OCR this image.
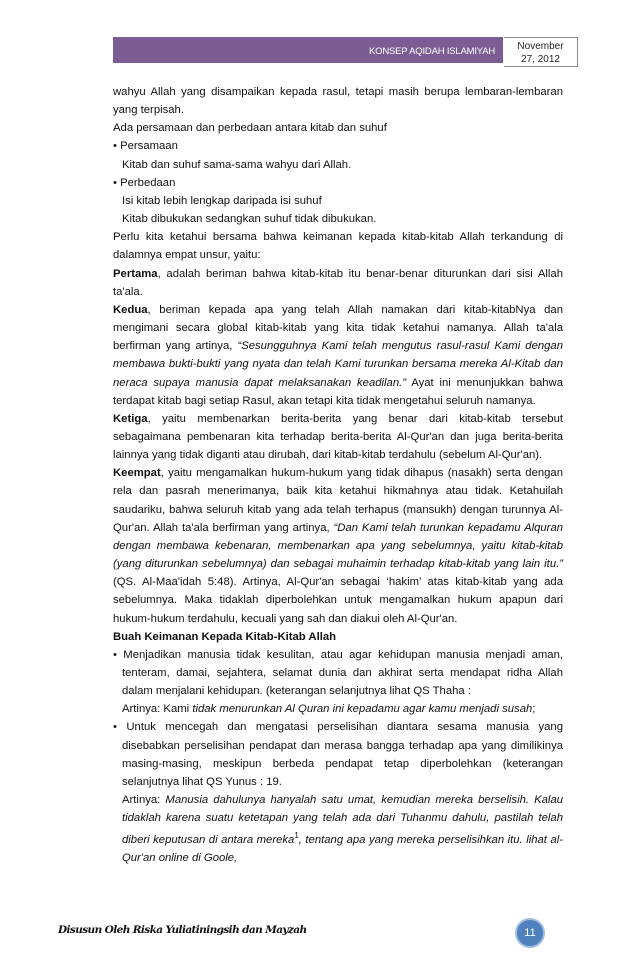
KONSEP AQIDAH ISLAMIYAH	November
27, 2012

wahyu Allah yang disampaikan kepada rasul, tetapi masih berupa lembaran-lembaran yang terpisah.

Ada persamaan dan perbedaan antara kitab dan suhuf

• Persamaan

Kitab dan suhuf sama-sama wahyu dari Allah.

• Perbedaan

Isi kitab lebih lengkap daripada isi suhuf

Kitab dibukukan sedangkan suhuf tidak dibukukan.

Perlu kita ketahui bersama bahwa keimanan kepada kitab-kitab Allah terkandung di dalamnya empat unsur, yaitu:

Pertama, adalah beriman bahwa kitab-kitab itu benar-benar diturunkan dari sisi Allah ta'ala.

Kedua, beriman kepada apa yang telah Allah namakan dari kitab-kitabNya dan mengimani secara global kitab-kitab yang kita tidak ketahui namanya. Allah ta'ala berfirman yang artinya, “Sesungguhnya Kami telah mengutus rasul-rasul Kami dengan membawa bukti-bukti yang nyata dan telah Kami turunkan bersama mereka Al-Kitab dan neraca supaya manusia dapat melaksanakan keadilan.” Ayat ini menunjukkan bahwa terdapat kitab bagi setiap Rasul, akan tetapi kita tidak mengetahui seluruh namanya.

Ketiga, yaitu membenarkan berita-berita yang benar dari kitab-kitab tersebut sebagaimana pembenaran kita terhadap berita-berita Al-Qur'an dan juga berita-berita lainnya yang tidak diganti atau dirubah, dari kitab-kitab terdahulu (sebelum Al-Qur'an).

Keempat, yaitu mengamalkan hukum-hukum yang tidak dihapus (nasakh) serta dengan rela dan pasrah menerimanya, baik kita ketahui hikmahnya atau tidak. Ketahuilah saudariku, bahwa seluruh kitab yang ada telah terhapus (mansukh) dengan turunnya Al-Qur'an. Allah ta'ala berfirman yang artinya, “Dan Kami telah turunkan kepadamu Alquran dengan membawa kebenaran, membenarkan apa yang sebelumnya, yaitu kitab-kitab (yang diturunkan sebelumnya) dan sebagai muhaimin terhadap kitab-kitab yang lain itu.” (QS. Al-Maa'idah 5:48). Artinya, Al-Qur'an sebagai ‘hakim’ atas kitab-kitab yang ada sebelumnya. Maka tidaklah diperbolehkan untuk mengamalkan hukum apapun dari hukum-hukum terdahulu, kecuali yang sah dan diakui oleh Al-Qur'an.

Buah Keimanan Kepada Kitab-Kitab Allah

• Menjadikan manusia tidak kesulitan, atau agar kehidupan manusia menjadi aman, tenteram, damai, sejahtera, selamat dunia dan akhirat serta mendapat ridha Allah dalam menjalani kehidupan. (keterangan selanjutnya lihat QS Thaha :

Artinya: Kami tidak menurunkan Al Quran ini kepadamu agar kamu menjadi susah;

• Untuk mencegah dan mengatasi perselisihan diantara sesama manusia yang disebabkan perselisihan pendapat dan merasa bangga terhadap apa yang dimilikinya masing-masing, meskipun berbeda pendapat tetap diperbolehkan (keterangan selanjutnya lihat QS Yunus : 19.

Artinya: Manusia dahulunya hanyalah satu umat, kemudian mereka berselisih. Kalau tidaklah karena suatu ketetapan yang telah ada dari Tuhanmu dahulu, pastilah telah diberi keputusan di antara mereka$^1$, tentang apa yang mereka perselisihkan itu. lihat al-Qur'an online di Goole,

Disusun Oleh Riska Yuliatiningsih dan Mayzah	11
